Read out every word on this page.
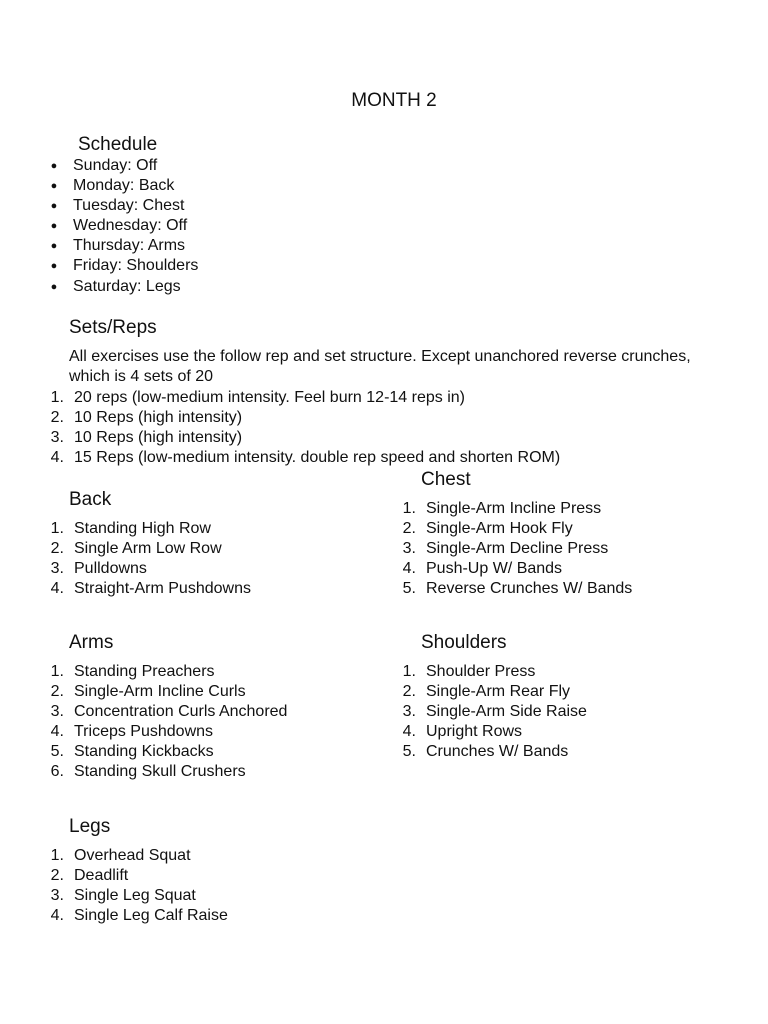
MONTH 2
Schedule
● Sunday: Off
● Monday: Back
● Tuesday: Chest
● Wednesday: Off
● Thursday: Arms
● Friday: Shoulders
● Saturday: Legs
Sets/Reps
All exercises use the follow rep and set structure. Except unanchored reverse crunches, which is 4 sets of 20
1. 20 reps (low-medium intensity. Feel burn 12-14 reps in)
2. 10 Reps (high intensity)
3. 10 Reps (high intensity)
4. 15 Reps (low-medium intensity. double rep speed and shorten ROM)
Back
1. Standing High Row
2. Single Arm Low Row
3. Pulldowns
4. Straight-Arm Pushdowns
Chest
1. Single-Arm Incline Press
2. Single-Arm Hook Fly
3. Single-Arm Decline Press
4. Push-Up W/ Bands
5. Reverse Crunches W/ Bands
Arms
1. Standing Preachers
2. Single-Arm Incline Curls
3. Concentration Curls Anchored
4. Triceps Pushdowns
5. Standing Kickbacks
6. Standing Skull Crushers
Shoulders
1. Shoulder Press
2. Single-Arm Rear Fly
3. Single-Arm Side Raise
4. Upright Rows
5. Crunches W/ Bands
Legs
1. Overhead Squat
2. Deadlift
3. Single Leg Squat
4. Single Leg Calf Raise
